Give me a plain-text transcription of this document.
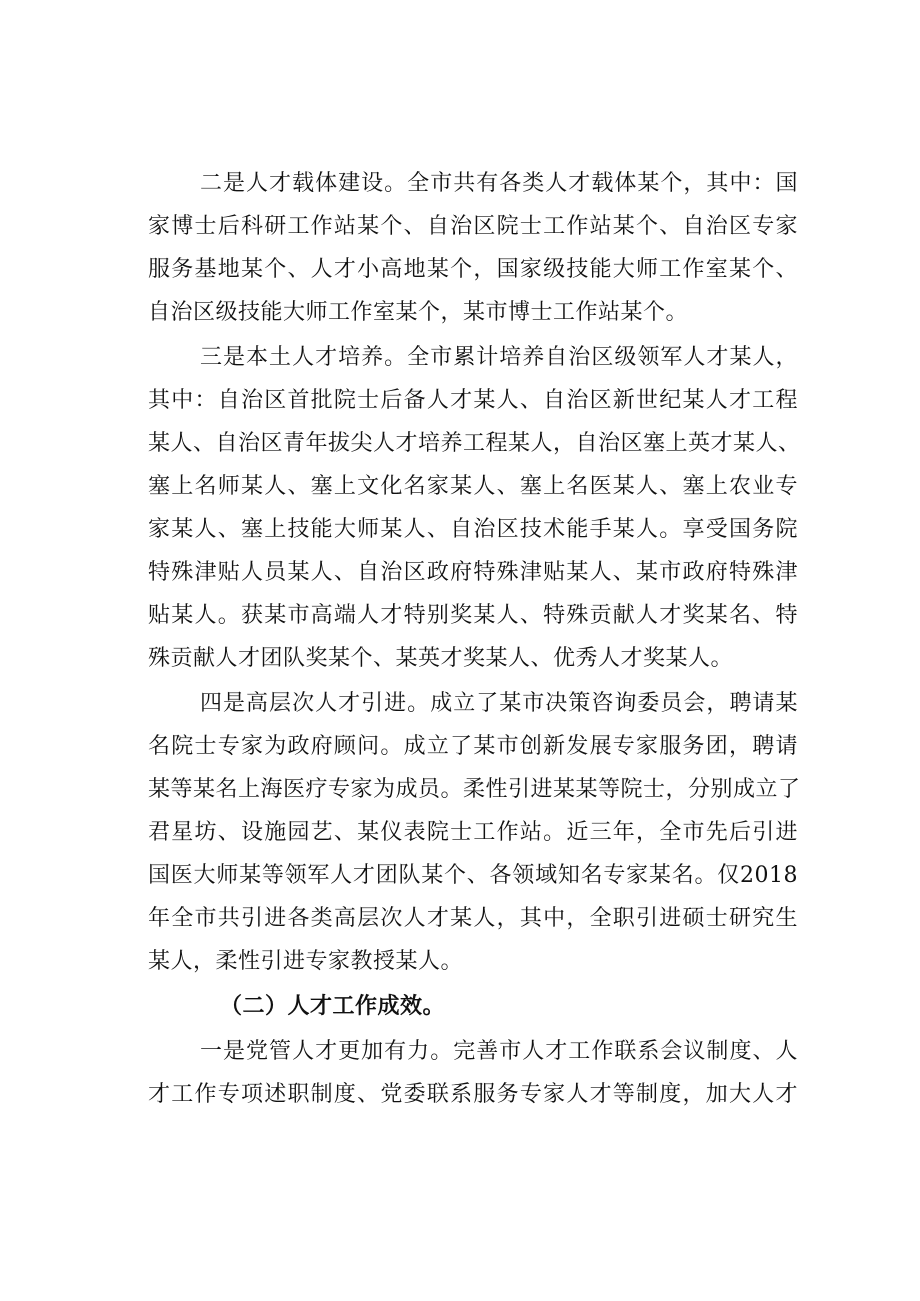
二是人才载体建设。全市共有各类人才载体某个，其中：国
家博士后科研工作站某个、自治区院士工作站某个、自治区专家
服务基地某个、人才小高地某个，国家级技能大师工作室某个、
自治区级技能大师工作室某个，某市博士工作站某个。
三是本土人才培养。全市累计培养自治区级领军人才某人，
其中：自治区首批院士后备人才某人、自治区新世纪某人才工程
某人、自治区青年拔尖人才培养工程某人，自治区塞上英才某人、
塞上名师某人、塞上文化名家某人、塞上名医某人、塞上农业专
家某人、塞上技能大师某人、自治区技术能手某人。享受国务院
特殊津贴人员某人、自治区政府特殊津贴某人、某市政府特殊津
贴某人。获某市高端人才特别奖某人、特殊贡献人才奖某名、特
殊贡献人才团队奖某个、某英才奖某人、优秀人才奖某人。
四是高层次人才引进。成立了某市决策咨询委员会，聘请某
名院士专家为政府顾问。成立了某市创新发展专家服务团，聘请
某等某名上海医疗专家为成员。柔性引进某某等院士，分别成立了
君星坊、设施园艺、某仪表院士工作站。近三年，全市先后引进
国医大师某等领军人才团队某个、各领域知名专家某名。仅2018
年全市共引进各类高层次人才某人，其中，全职引进硕士研究生
某人，柔性引进专家教授某人。
（二）人才工作成效。
一是党管人才更加有力。完善市人才工作联系会议制度、人
才工作专项述职制度、党委联系服务专家人才等制度，加大人才
